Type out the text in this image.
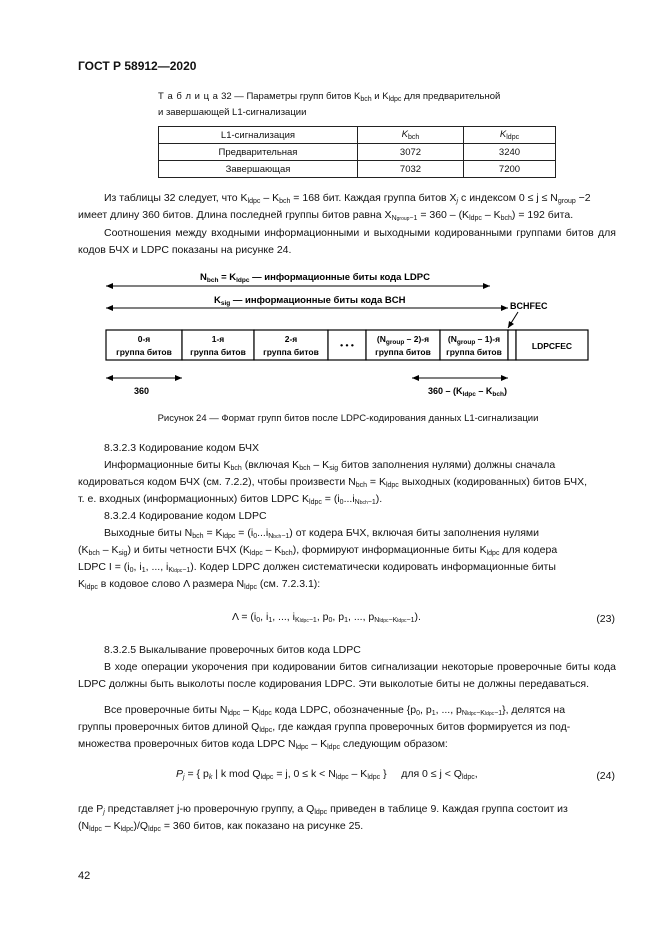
ГОСТ Р 58912—2020
Т а б л и ц а 32 — Параметры групп битов $K_{bch}$ и $K_{ldpc}$ для предварительной
и завершающей L1-сигнализации
L1-сигнализация	$K_{bch}$	$K_{ldpc}$
Предварительная	3072	3240
Завершающая	7032	7200
Из таблицы 32 следует, что $K_{ldpc} - K_{bch} = 168$ бит. Каждая группа битов $X_j$ с индексом $0 \le j \le N_{group} -2$
имеет длину 360 битов. Длина последней группы битов равна $X_{Ngroup-1} = 360 - (K_{ldpc} - K_{bch}) = 192$ бита.
Соотношения между входными информационными и выходными кодированными группами битов для кодов БЧХ и LDPC показаны на рисунке 24.
$N_{bch} = K_{ldpc}$ — информационные биты кода LDPC
$K_{sig}$ — информационные биты кода BCH	BCHFEC
0-я
группа битов
1-я
группа битов
2-я
группа битов
• • •
$(N_{group} - 2)-я$
группа битов
$(N_{group} - 1)-я$
группа битов
LDPCFEC
360	$360 - (K_{ldpc} - K_{bch})$
Рисунок 24 — Формат групп битов после LDPC-кодирования данных L1-сигнализации
8.3.2.3 Кодирование кодом БЧХ
Информационные биты $K_{bch}$ (включая $K_{bch} - K_{sig}$ битов заполнения нулями) должны сначала
кодироваться кодом БЧХ (см. 7.2.2), чтобы произвести $N_{bch} = K_{ldpc}$ выходных (кодированных) битов БЧХ,
т. е. входных (информационных) битов LDPC $K_{ldpc} = (i_0...i_{Nbch-1})$.
8.3.2.4 Кодирование кодом LDPC
Выходные биты $N_{bch} = K_{ldpc} = (i_0...i_{Nbch-1})$ от кодера БЧХ, включая биты заполнения нулями
$(K_{bch} - K_{sig})$ и биты четности БЧХ $(K_{ldpc} - K_{bch})$, формируют информационные биты $K_{ldpc}$ для кодера
LDPC $I = (i_0$, $i_1$, ..., $i_{Kldpc-1}$). Кодер LDPC должен систематически кодировать информационные биты
$K_{ldpc}$ в кодовое слово Λ размера $N_{ldpc}$ (см. 7.2.3.1):
$\Lambda = (i_0$, $i_1$, ..., $i_{Kldpc-1}$, $p_0$, $p_1$, ..., $p_{Nldpc-Kldpc-1}$).	(23)
8.3.2.5 Выкалывание проверочных битов кода LDPC
В ходе операции укорочения при кодировании битов сигнализации некоторые проверочные биты кода LDPC должны быть выколоты после кодирования LDPC. Эти выколотые биты не должны передаваться.
Все проверочные биты $N_{ldpc} - K_{ldpc}$ кода LDPC, обозначенные {$p_0$, $p_1$, ..., $p_{Nldpc-Kldpc-1}$}, делятся на
группы проверочных битов длиной $Q_{ldpc}$, где каждая группа проверочных битов формируется из под-
множества проверочных битов кода LDPC $N_{ldpc} - K_{ldpc}$ следующим образом:
$P_j$ = { $p_k$ | k mod $Q_{ldpc} = j$, $0 \le k < N_{ldpc} - K_{ldpc}$ } для $0 \le j < Q_{ldpc}$,	(24)
где $P_j$ представляет j-ю проверочную группу, а $Q_{ldpc}$ приведен в таблице 9. Каждая группа состоит из
$(N_{ldpc} - K_{ldpc})/Q_{ldpc} = 360$ битов, как показано на рисунке 25.
42
